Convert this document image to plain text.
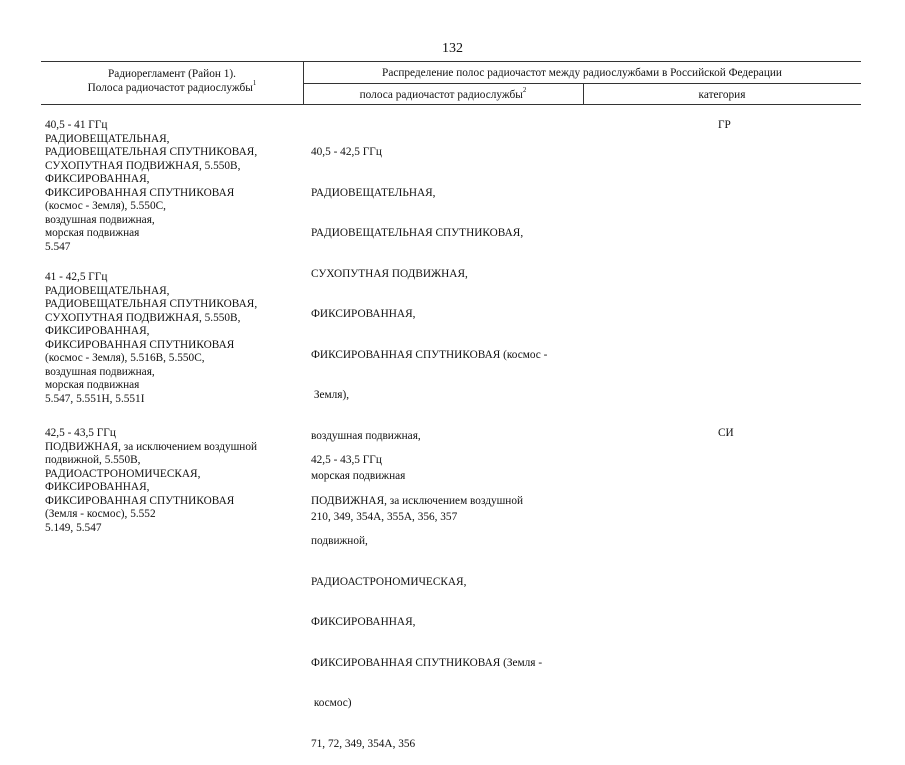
132
Радиорегламент (Район 1).
Полоса радиочастот радиослужбы$^1$
Распределение полос радиочастот между радиослужбами в Российской Федерации
полоса радиочастот радиослужбы$^2$	категория
40,5 - 41 ГГц
РАДИОВЕЩАТЕЛЬНАЯ,
РАДИОВЕЩАТЕЛЬНАЯ СПУТНИКОВАЯ,
СУХОПУТНАЯ ПОДВИЖНАЯ, 5.550В,
ФИКСИРОВАННАЯ,
ФИКСИРОВАННАЯ СПУТНИКОВАЯ
(космос - Земля), 5.550С,
воздушная подвижная,
морская подвижная
5.547

40,5 - 42,5 ГГц

РАДИОВЕЩАТЕЛЬНАЯ,

РАДИОВЕЩАТЕЛЬНАЯ СПУТНИКОВАЯ,

СУХОПУТНАЯ ПОДВИЖНАЯ,

ФИКСИРОВАННАЯ,

ФИКСИРОВАННАЯ СПУТНИКОВАЯ (космос -

Земля),

воздушная подвижная,

морская подвижная

210, 349, 354А, 355А, 356, 357

ГР
41 - 42,5 ГГц
РАДИОВЕЩАТЕЛЬНАЯ,
РАДИОВЕЩАТЕЛЬНАЯ СПУТНИКОВАЯ,
СУХОПУТНАЯ ПОДВИЖНАЯ, 5.550В,
ФИКСИРОВАННАЯ,
ФИКСИРОВАННАЯ СПУТНИКОВАЯ
(космос - Земля), 5.516В, 5.550С,
воздушная подвижная,
морская подвижная
5.547, 5.551Н, 5.551I
42,5 - 43,5 ГГц
ПОДВИЖНАЯ, за исключением воздушной
подвижной, 5.550В,
РАДИОАСТРОНОМИЧЕСКАЯ,
ФИКСИРОВАННАЯ,
ФИКСИРОВАННАЯ СПУТНИКОВАЯ
(Земля - космос), 5.552
5.149, 5.547

42,5 - 43,5 ГГц

ПОДВИЖНАЯ, за исключением воздушной

подвижной,

РАДИОАСТРОНОМИЧЕСКАЯ,

ФИКСИРОВАННАЯ,

ФИКСИРОВАННАЯ СПУТНИКОВАЯ (Земля -

космос)

71, 72, 349, 354А, 356

СИ
